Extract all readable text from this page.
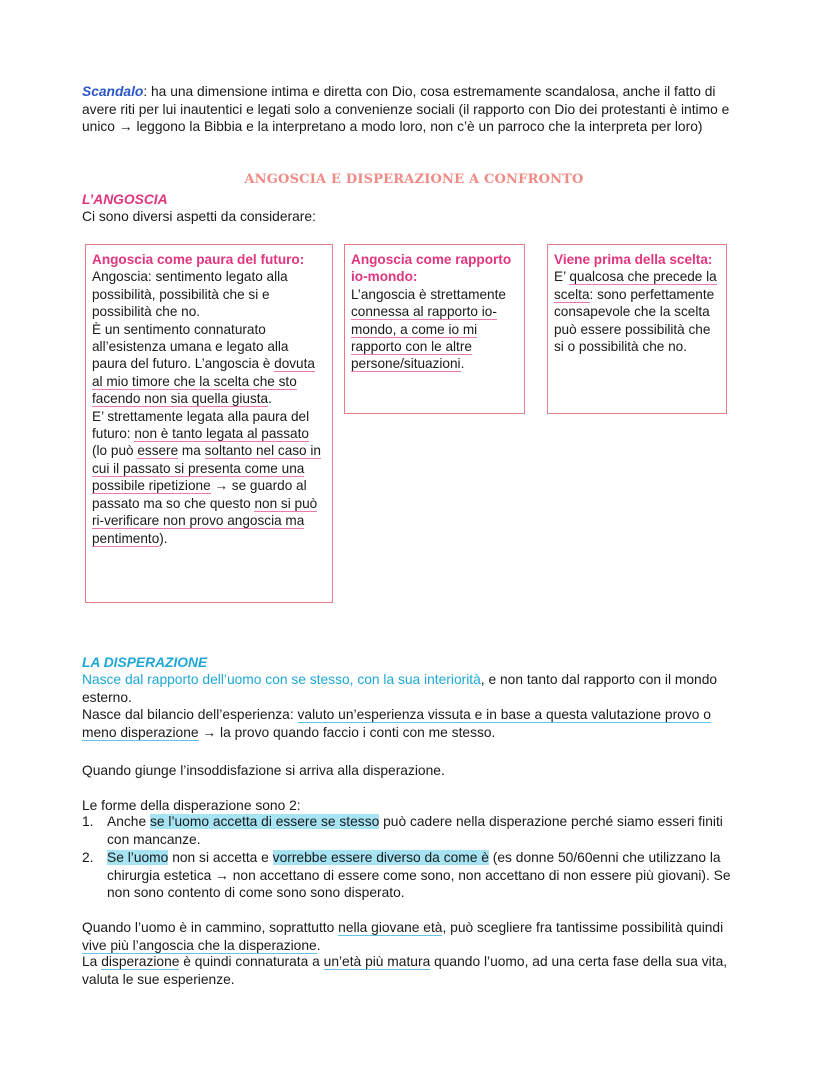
Scandalo: ha una dimensione intima e diretta con Dio, cosa estremamente scandalosa, anche il fatto di avere riti per lui inautentici e legati solo a convenienze sociali (il rapporto con Dio dei protestanti è intimo e unico → leggono la Bibbia e la interpretano a modo loro, non c’è un parroco che la interpreta per loro)
ANGOSCIA E DISPERAZIONE A CONFRONTO
L’ANGOSCIA
Ci sono diversi aspetti da considerare:
Angoscia come paura del futuro:
Angoscia: sentimento legato alla possibilità, possibilità che si e possibilità che no.
È un sentimento connaturato all’esistenza umana e legato alla paura del futuro. L’angoscia è dovuta al mio timore che la scelta che sto facendo non sia quella giusta.
E’ strettamente legata alla paura del futuro: non è tanto legata al passato (lo può essere ma soltanto nel caso in cui il passato si presenta come una possibile ripetizione → se guardo al passato ma so che questo non si può ri-verificare non provo angoscia ma pentimento).
Angoscia come rapporto io-mondo:
L’angoscia è strettamente connessa al rapporto io-mondo, a come io mi rapporto con le altre persone/situazioni.
Viene prima della scelta:
E’ qualcosa che precede la scelta: sono perfettamente consapevole che la scelta può essere possibilità che si o possibilità che no.
LA DISPERAZIONE
Nasce dal rapporto dell’uomo con se stesso, con la sua interiorità, e non tanto dal rapporto con il mondo esterno.
Nasce dal bilancio dell’esperienza: valuto un’esperienza vissuta e in base a questa valutazione provo o meno disperazione → la provo quando faccio i conti con me stesso.
Quando giunge l’insoddisfazione si arriva alla disperazione.
Le forme della disperazione sono 2:
1. Anche se l’uomo accetta di essere se stesso può cadere nella disperazione perché siamo esseri finiti con mancanze.
2. Se l’uomo non si accetta e vorrebbe essere diverso da come è (es donne 50/60enni che utilizzano la chirurgia estetica → non accettano di essere come sono, non accettano di non essere più giovani). Se non sono contento di come sono sono disperato.
Quando l’uomo è in cammino, soprattutto nella giovane età, può scegliere fra tantissime possibilità quindi vive più l’angoscia che la disperazione.
La disperazione è quindi connaturata a un’età più matura quando l’uomo, ad una certa fase della sua vita, valuta le sue esperienze.
